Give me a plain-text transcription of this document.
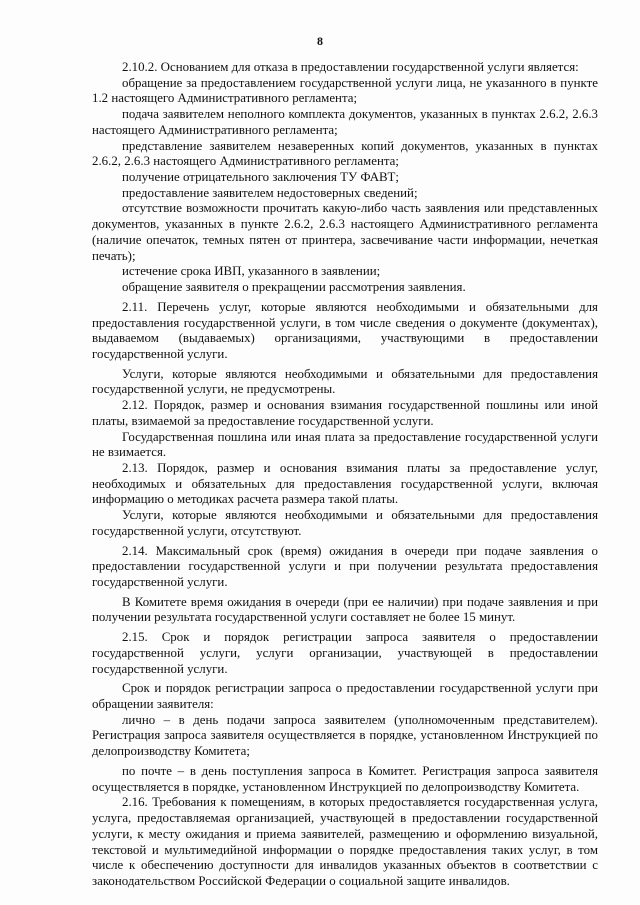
8

2.10.2. Основанием для отказа в предоставлении государственной услуги является:

обращение за предоставлением государственной услуги лица, не указанного в пункте 1.2 настоящего Административного регламента;

подача заявителем неполного комплекта документов, указанных в пунктах 2.6.2, 2.6.3 настоящего Административного регламента;

представление заявителем незаверенных копий документов, указанных в пунктах 2.6.2, 2.6.3 настоящего Административного регламента;

получение отрицательного заключения ТУ ФАВТ;

предоставление заявителем недостоверных сведений;

отсутствие возможности прочитать какую-либо часть заявления или представленных документов, указанных в пункте 2.6.2, 2.6.3 настоящего Административного регламента (наличие опечаток, темных пятен от принтера, засвечивание части информации, нечеткая печать);

истечение срока ИВП, указанного в заявлении;

обращение заявителя о прекращении рассмотрения заявления.

2.11. Перечень услуг, которые являются необходимыми и обязательными для предоставления государственной услуги, в том числе сведения о документе (документах), выдаваемом (выдаваемых) организациями, участвующими в предоставлении государственной услуги.

Услуги, которые являются необходимыми и обязательными для предоставления государственной услуги, не предусмотрены.

2.12. Порядок, размер и основания взимания государственной пошлины или иной платы, взимаемой за предоставление государственной услуги.

Государственная пошлина или иная плата за предоставление государственной услуги не взимается.

2.13. Порядок, размер и основания взимания платы за предоставление услуг, необходимых и обязательных для предоставления государственной услуги, включая информацию о методиках расчета размера такой платы.

Услуги, которые являются необходимыми и обязательными для предоставления государственной услуги, отсутствуют.

2.14. Максимальный срок (время) ожидания в очереди при подаче заявления о предоставлении государственной услуги и при получении результата предоставления государственной услуги.

В Комитете время ожидания в очереди (при ее наличии) при подаче заявления и при получении результата государственной услуги составляет не более 15 минут.

2.15. Срок и порядок регистрации запроса заявителя о предоставлении государственной услуги, услуги организации, участвующей в предоставлении государственной услуги.

Срок и порядок регистрации запроса о предоставлении государственной услуги при обращении заявителя:

лично – в день подачи запроса заявителем (уполномоченным представителем). Регистрация запроса заявителя осуществляется в порядке, установленном Инструкцией по делопроизводству Комитета;

по почте – в день поступления запроса в Комитет. Регистрация запроса заявителя осуществляется в порядке, установленном Инструкцией по делопроизводству Комитета.

2.16. Требования к помещениям, в которых предоставляется государственная услуга, услуга, предоставляемая организацией, участвующей в предоставлении государственной услуги, к месту ожидания и приема заявителей, размещению и оформлению визуальной, текстовой и мультимедийной информации о порядке предоставления таких услуг, в том числе к обеспечению доступности для инвалидов указанных объектов в соответствии с законодательством Российской Федерации о социальной защите инвалидов.
